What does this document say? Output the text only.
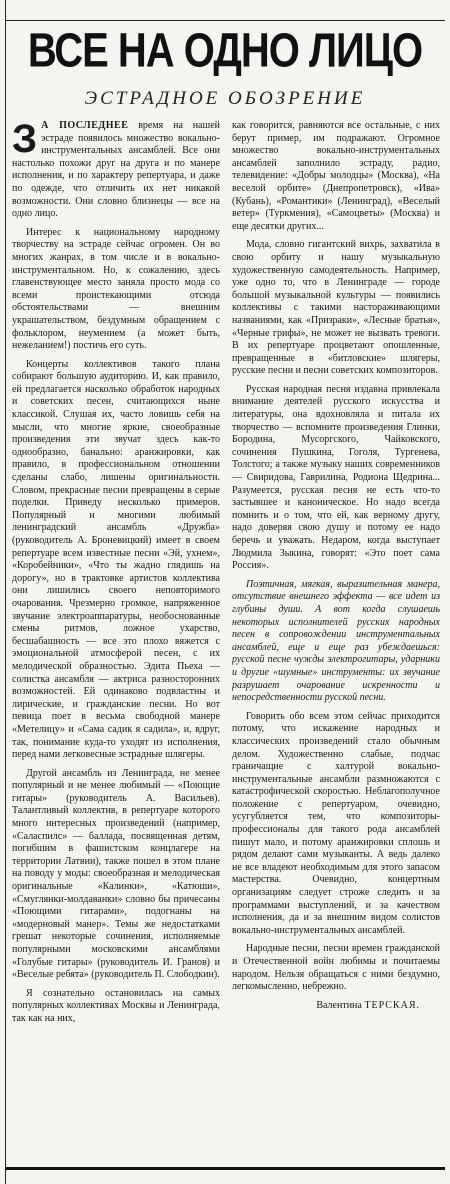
ВСЕ НА ОДНО ЛИЦО
ЭСТРАДНОЕ ОБОЗРЕНИЕ

З А ПОСЛЕДНЕЕ время на нашей эстраде появилось множество вокально-инструментальных ансамблей. Все они настолько похожи друг на друга и по манере исполнения, и по характеру репертуара, и даже по одежде, что отличить их нет никакой возможности. Они словно близнецы — все на одно лицо.

Интерес к национальному народному творчеству на эстраде сейчас огромен. Он во многих жанрах, в том числе и в вокально-инструментальном. Но, к сожалению, здесь главенствующее место заняла просто мода со всеми проистекающими отсюда обстоятельствами — внешним украшательством, бездумным обращением с фольклором, неумением (а может быть, нежеланием!) постичь его суть.

Концерты коллективов такого плана собирают большую аудиторию. И, как правило, ей предлагается насколько обработок народных и советских песен, считающихся ныне классикой. Слушая их, часто ловишь себя на мысли, что многие яркие, своеобразные произведения эти звучат здесь как-то однообразно, банально: аранжировки, как правило, в профессиональном отношении сделаны слабо, лишены оригинальности. Словом, прекрасные песни превращены в серые поделки. Приведу несколько примеров. Популярный и многими любимый ленинградский ансамбль «Дружба» (руководитель А. Броневицкий) имеет в своем репертуаре всем известные песни «Эй, ухнем», «Коробейники», «Что ты жадно глядишь на дорогу», но в трактовке артистов коллектива они лишились своего неповторимого очарования. Чрезмерно громкое, напряженное звучание электроаппаратуры, необоснованные смены ритмов, ложное ухарство, бесшабашность — все это плохо вяжется с эмоциональной атмосферой песен, с их мелодической образностью. Эдита Пьеха — солистка ансамбля — актриса разносторонних возможностей. Ей одинаково подвластны и лирические, и гражданские песни. Но вот певица поет в весьма свободной манере «Метелицу» и «Сама садик я садила», и, вдруг, так, понимание куда-то уходят из исполнения, перед нами легковесные эстрадные шлягеры.

Другой ансамбль из Ленинграда, не менее популярный и не менее любимый — «Поющие гитары» (руководитель А. Васильев). Талантливый коллектив, в репертуаре которого много интересных произведений (например, «Саласпилс» — баллада, посвященная детям, погибшим в фашистском концлагере на территории Латвии), также пошел в этом плане на поводу у моды: своеобразная и мелодическая оригинальные «Калинки», «Катюши», «Смуглянки-молдаванки» словно бы причесаны «Поющими гитарами», подогнаны на «модерновый манер». Темы же недостатками грешат некоторые сочинения, исполняемые популярными московскими ансамблями «Голубые гитары» (руководитель И. Гранов) и «Веселые ребята» (руководитель П. Слободкин).

Я сознательно остановилась на самых популярных коллективах Москвы и Ленинграда, так как на них,

как говорится, равняются все остальные, с них берут пример, им подражают. Огромное множество вокально-инструментальных ансамблей заполнило эстраду, радио, телевидение: «Добры молодцы» (Москва), «На веселой орбите» (Днепропетровск), «Ива» (Кубань), «Романтики» (Ленинград), «Веселый ветер» (Туркмения), «Самоцветы» (Москва) и еще десятки других...

Мода, словно гигантский вихрь, захватила в свою орбиту и нашу музыкальную художественную самодеятельность. Например, уже одно то, что в Ленинграде — городе большой музыкальной культуры — появились коллективы с такими настораживающими названиями, как «Призраки», «Лесные братья», «Черные грифы», не может не вызвать тревоги. В их репертуаре процветают опошленные, превращенные в «битловские» шлягеры, русские песни и песни советских композиторов.

Русская народная песня издавна привлекала внимание деятелей русского искусства и литературы, она вдохновляла и питала их творчество — вспомните произведения Глинки, Бородина, Мусоргского, Чайковского, сочинения Пушкина, Гоголя, Тургенева, Толстого; а также музыку наших современников — Свиридова, Гаврилина, Родиона Щедрина... Разумеется, русская песня не есть что-то застывшее и каноническое. Но надо всегда помнить и о том, что ей, как верному другу, надо доверяя свою душу и потому ее надо беречь и уважать. Недаром, когда выступает Людмила Зыкина, говорят: «Это поет сама Россия».

Поэтичная, мягкая, выразительная манера, отсутствие внешнего эффекта — все идет из глубины души. А вот когда слушаешь некоторых исполнителей русских народных песен в сопровождении инструментальных ансамблей, еще и еще раз убеждаешься: русской песне чужды электрогитары, ударники и другие «шумные» инструменты: их звучание разрушает очарование искренности и непосредственности русской песни.

Говорить обо всем этом сейчас приходится потому, что искажение народных и классических произведений стало обычным делом. Художественно слабые, подчас граничащие с халтурой вокально-инструментальные ансамбли размножаются с катастрофической скоростью. Неблагополучное положение с репертуаром, очевидно, усугубляется тем, что композиторы-профессионалы для такого рода ансамблей пишут мало, и потому аранжировки сплошь и рядом делают сами музыканты. А ведь далеко не все владеют необходимым для этого запасом мастерства. Очевидно, концертным организациям следует строже следить и за программами выступлений, и за качеством исполнения, да и за внешним видом солистов вокально-инструментальных ансамблей.

Народные песни, песни времен гражданской и Отечественной войн любимы и почитаемы народом. Нельзя обращаться с ними бездумно, легкомысленно, небрежно.

Валентина ТЕРСКАЯ.
